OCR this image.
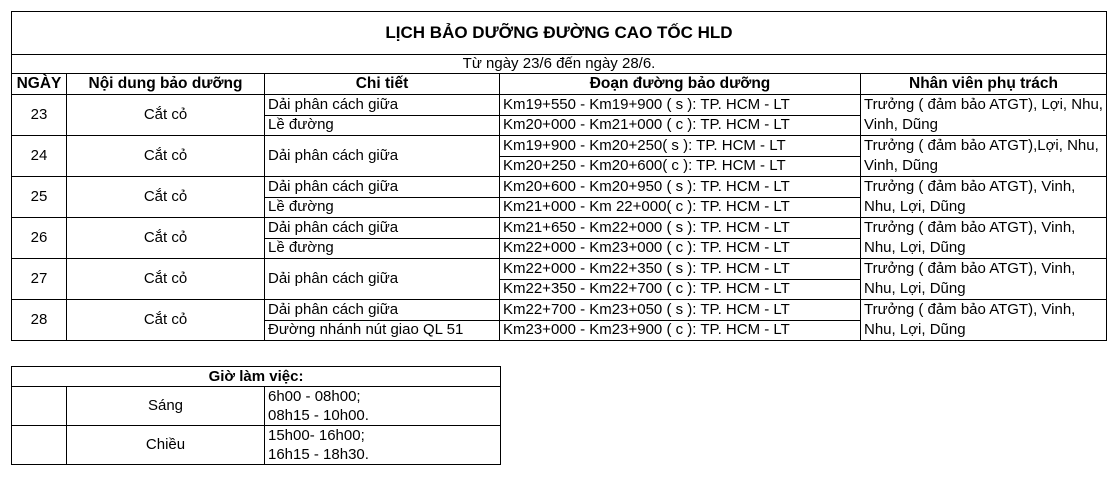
LỊCH BẢO DƯỠNG ĐƯỜNG CAO TỐC HLD				
Từ ngày 23/6 đến ngày 28/6.				
NGÀY	Nội dung bảo dưỡng	Chi tiết	Đoạn đường bảo dưỡng	Nhân viên phụ trách
23	Cắt cỏ	Dải phân cách giữa	Km19+550 - Km19+900 ( s ): TP. HCM - LT	Trưởng ( đảm bảo ATGT), Lợi, Nhu, Vinh, Dũng
		Lề đường	Km20+000 - Km21+000 ( c ): TP. HCM - LT	
24	Cắt cỏ	Dải phân cách giữa	Km19+900 - Km20+250( s ): TP. HCM - LT	Trưởng ( đảm bảo ATGT),Lợi, Nhu, Vinh, Dũng
			Km20+250 - Km20+600( c ): TP. HCM - LT	
25	Cắt cỏ	Dải phân cách giữa	Km20+600 - Km20+950 ( s ): TP. HCM - LT	Trưởng ( đảm bảo ATGT), Vinh, Nhu, Lợi, Dũng
		Lề đường	Km21+000 - Km 22+000( c ): TP. HCM - LT	
26	Cắt cỏ	Dải phân cách giữa	Km21+650 - Km22+000 ( s ): TP. HCM - LT	Trưởng ( đảm bảo ATGT), Vinh, Nhu, Lợi, Dũng
		Lề đường	Km22+000 - Km23+000 ( c ): TP. HCM - LT	
27	Cắt cỏ	Dải phân cách giữa	Km22+000 - Km22+350 ( s ): TP. HCM - LT	Trưởng ( đảm bảo ATGT), Vinh, Nhu, Lợi, Dũng
			Km22+350 - Km22+700 ( c ): TP. HCM - LT	
28	Cắt cỏ	Dải phân cách giữa	Km22+700 - Km23+050 ( s ): TP. HCM - LT	Trưởng ( đảm bảo ATGT), Vinh, Nhu, Lợi, Dũng
		Đường nhánh nút giao QL 51	Km23+000 - Km23+900 ( c ): TP. HCM - LT	
Giờ làm việc:		
	Sáng	6h00 - 08h00;
		08h15 - 10h00.
	Chiều	15h00- 16h00;
		16h15 - 18h30.
